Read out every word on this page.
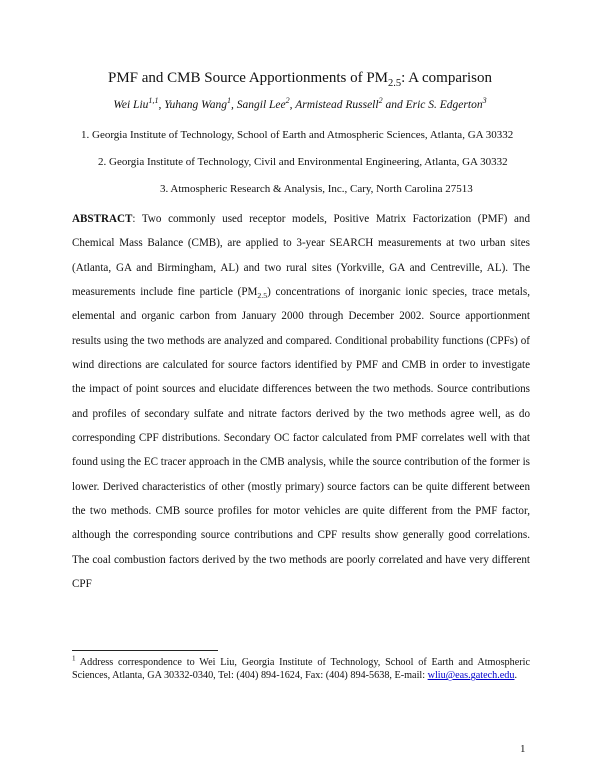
PMF and CMB Source Apportionments of $PM_{2.5}$: A comparison
Wei Liu$^{1,1}$, Yuhang Wang$^1$, Sangil Lee$^2$, Armistead Russell$^2$ and Eric S. Edgerton$^3$
1. Georgia Institute of Technology, School of Earth and Atmospheric Sciences, Atlanta, GA 30332
2. Georgia Institute of Technology, Civil and Environmental Engineering, Atlanta, GA 30332
3. Atmospheric Research & Analysis, Inc., Cary, North Carolina 27513
ABSTRACT: Two commonly used receptor models, Positive Matrix Factorization (PMF) and Chemical Mass Balance (CMB), are applied to 3-year SEARCH measurements at two urban sites (Atlanta, GA and Birmingham, AL) and two rural sites (Yorkville, GA and Centreville, AL). The measurements include fine particle $(PM_{2.5})$ concentrations of inorganic ionic species, trace metals, elemental and organic carbon from January 2000 through December 2002. Source apportionment results using the two methods are analyzed and compared. Conditional probability functions (CPFs) of wind directions are calculated for source factors identified by PMF and CMB in order to investigate the impact of point sources and elucidate differences between the two methods. Source contributions and profiles of secondary sulfate and nitrate factors derived by the two methods agree well, as do corresponding CPF distributions. Secondary OC factor calculated from PMF correlates well with that found using the EC tracer approach in the CMB analysis, while the source contribution of the former is lower. Derived characteristics of other (mostly primary) source factors can be quite different between the two methods. CMB source profiles for motor vehicles are quite different from the PMF factor, although the corresponding source contributions and CPF results show generally good correlations. The coal combustion factors derived by the two methods are poorly correlated and have very different CPF
$^1$ Address correspondence to Wei Liu, Georgia Institute of Technology, School of Earth and Atmospheric Sciences, Atlanta, GA 30332-0340, Tel: (404) 894-1624, Fax: (404) 894-5638, E-mail: wliu@eas.gatech.edu.
1
